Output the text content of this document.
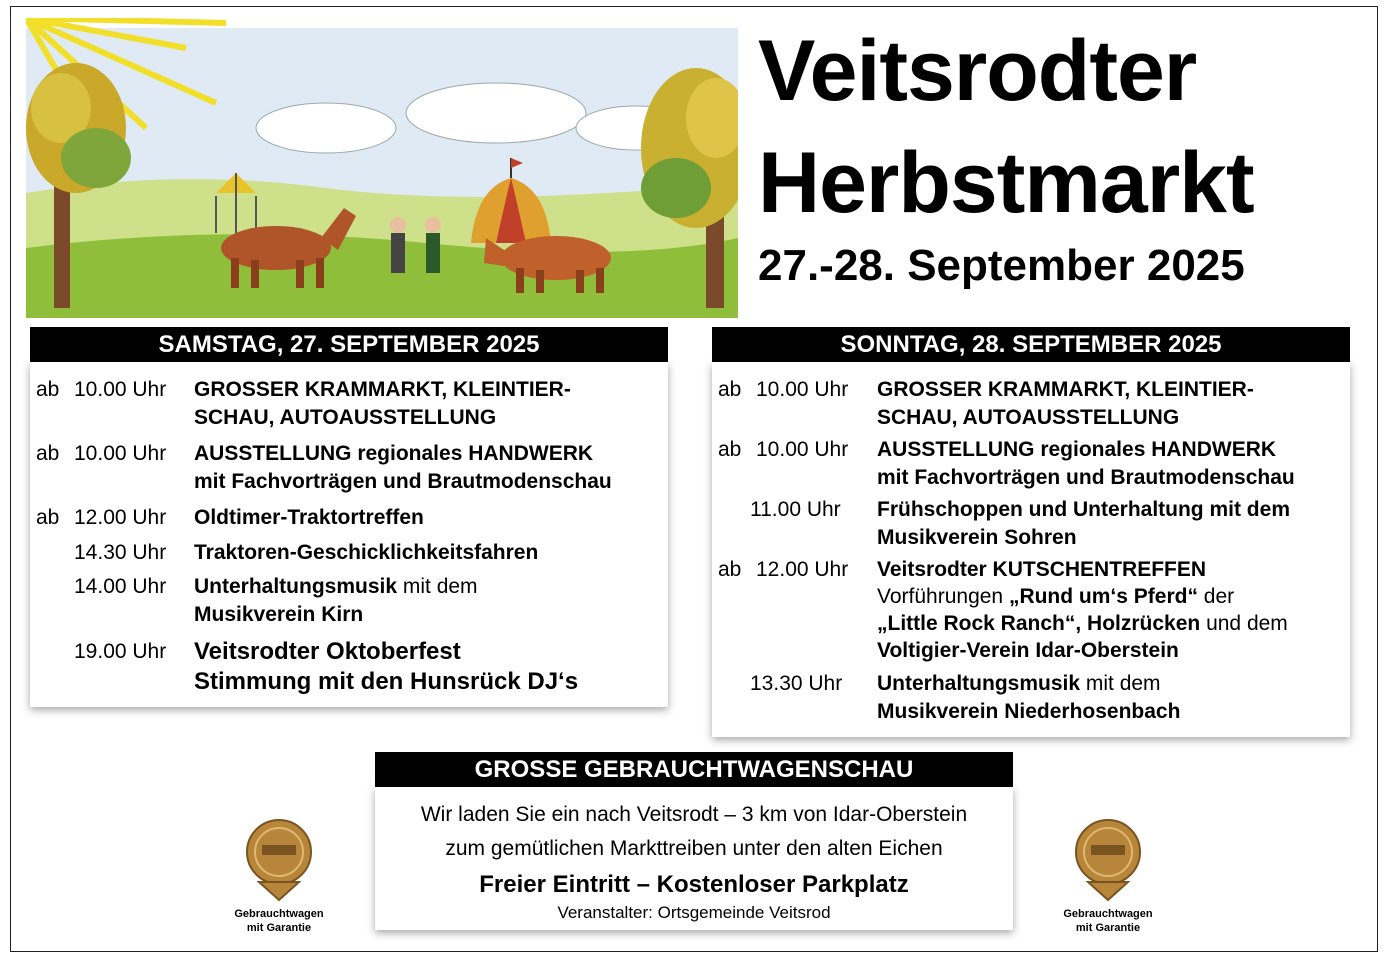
Veitsrodter
Herbstmarkt
27.-28. September 2025
SAMSTAG, 27. SEPTEMBER 2025
ab 10.00 Uhr GROSSER KRAMMARKT, KLEINTIER-
SCHAU, AUTOAUSSTELLUNG
ab 10.00 Uhr AUSSTELLUNG regionales HANDWERK
mit Fachvorträgen und Brautmodenschau
ab 12.00 Uhr Oldtimer-Traktortreffen
14.30 Uhr Traktoren-Geschicklichkeitsfahren
14.00 Uhr Unterhaltungsmusik mit dem
Musikverein Kirn
19.00 Uhr Veitsrodter Oktoberfest
Stimmung mit den Hunsrück DJ‘s
SONNTAG, 28. SEPTEMBER 2025
ab 10.00 Uhr GROSSER KRAMMARKT, KLEINTIER-
SCHAU, AUTOAUSSTELLUNG
ab 10.00 Uhr AUSSTELLUNG regionales HANDWERK
mit Fachvorträgen und Brautmodenschau
11.00 Uhr Frühschoppen und Unterhaltung mit dem
Musikverein Sohren
ab 12.00 Uhr Veitsrodter KUTSCHENTREFFEN
Vorführungen „Rund um‘s Pferd“ der
„Little Rock Ranch“, Holzrücken und dem
Voltigier-Verein Idar-Oberstein
13.30 Uhr Unterhaltungsmusik mit dem
Musikverein Niederhosenbach
GROSSE GEBRAUCHTWAGENSCHAU
Wir laden Sie ein nach Veitsrodt – 3 km von Idar-Oberstein
zum gemütlichen Markttreiben unter den alten Eichen
Freier Eintritt – Kostenloser Parkplatz
Veranstalter: Ortsgemeinde Veitsrod
Gebrauchtwagen
mit Garantie
Gebrauchtwagen
mit Garantie
